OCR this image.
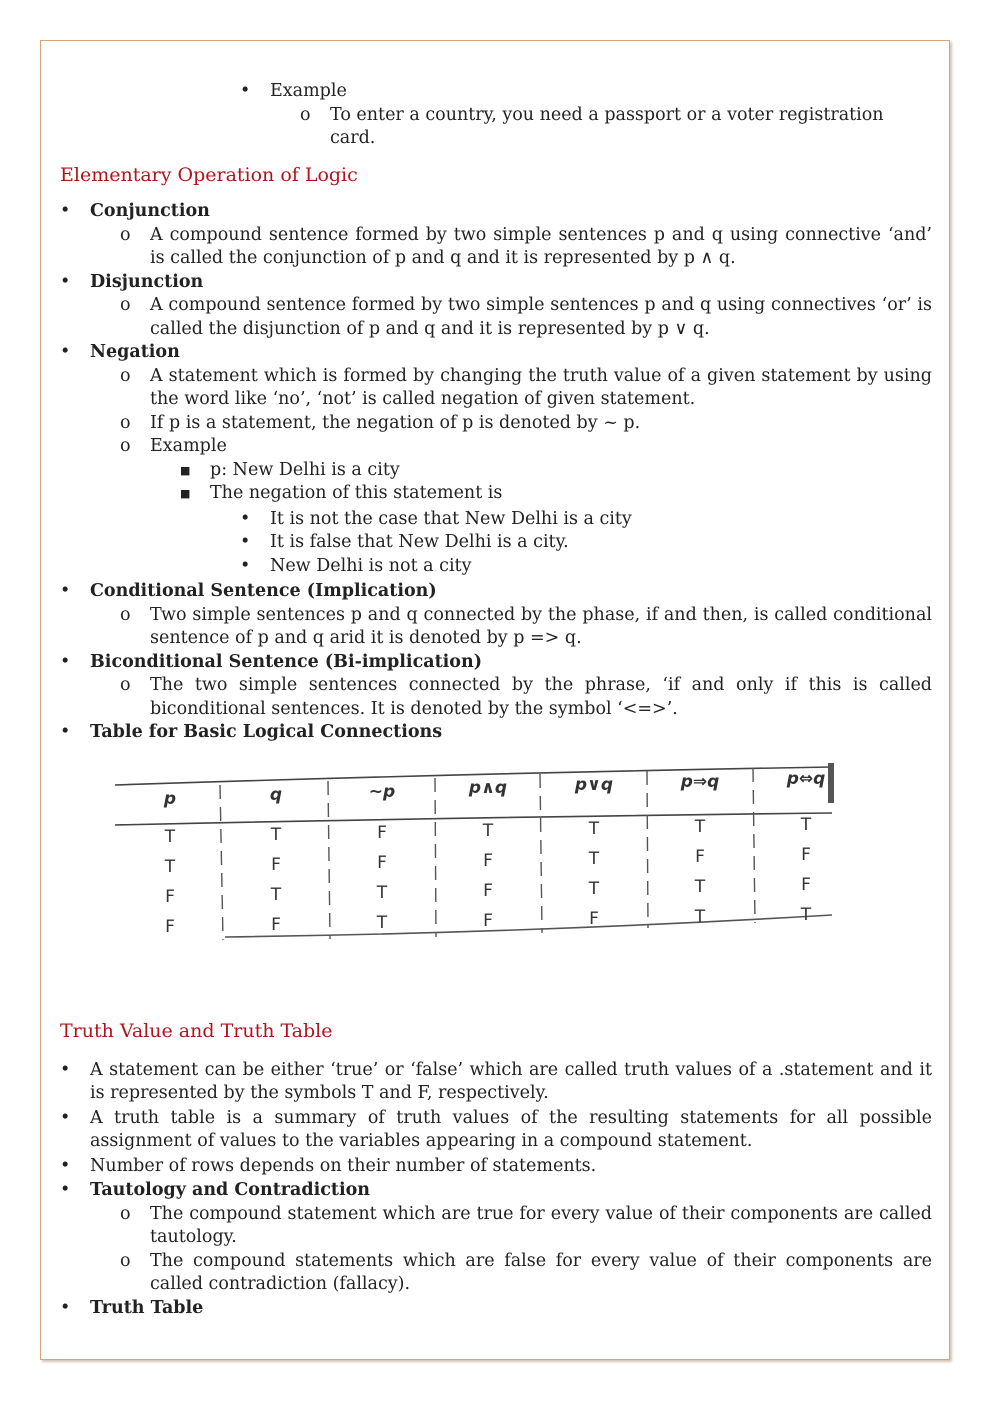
• Example
o To enter a country, you need a passport or a voter registration card.
Elementary Operation of Logic
• Conjunction
o A compound sentence formed by two simple sentences p and q using connective ‘and’ is called the conjunction of p and q and it is represented by p ∧ q.
• Disjunction
o A compound sentence formed by two simple sentences p and q using connectives ‘or’ is called the disjunction of p and q and it is represented by p ∨ q.
• Negation
o A statement which is formed by changing the truth value of a given statement by using the word like ‘no’, ‘not’ is called negation of given statement.
o If p is a statement, the negation of p is denoted by ~ p.
o Example
■ p: New Delhi is a city
■ The negation of this statement is
• It is not the case that New Delhi is a city
• It is false that New Delhi is a city.
• New Delhi is not a city
• Conditional Sentence (Implication)
o Two simple sentences p and q connected by the phase, if and then, is called conditional sentence of p and q arid it is denoted by p => q.
• Biconditional Sentence (Bi-implication)
o The two simple sentences connected by the phrase, ‘if and only if this is called biconditional sentences. It is denoted by the symbol ‘<=>’.
• Table for Basic Logical Connections
p	q	~p	p∧q	p∨q	p⇒q	p⇔q
T	T	F	T	T	T	T
T	F	F	F	T	F	F
F	T	T	F	T	T	F
F	F	T	F	F	T	T
Truth Value and Truth Table
• A statement can be either ‘true’ or ‘false’ which are called truth values of a .statement and it is represented by the symbols T and F, respectively.
• A truth table is a summary of truth values of the resulting statements for all possible assignment of values to the variables appearing in a compound statement.
• Number of rows depends on their number of statements.
• Tautology and Contradiction
o The compound statement which are true for every value of their components are called tautology.
o The compound statements which are false for every value of their components are called contradiction (fallacy).
• Truth Table
